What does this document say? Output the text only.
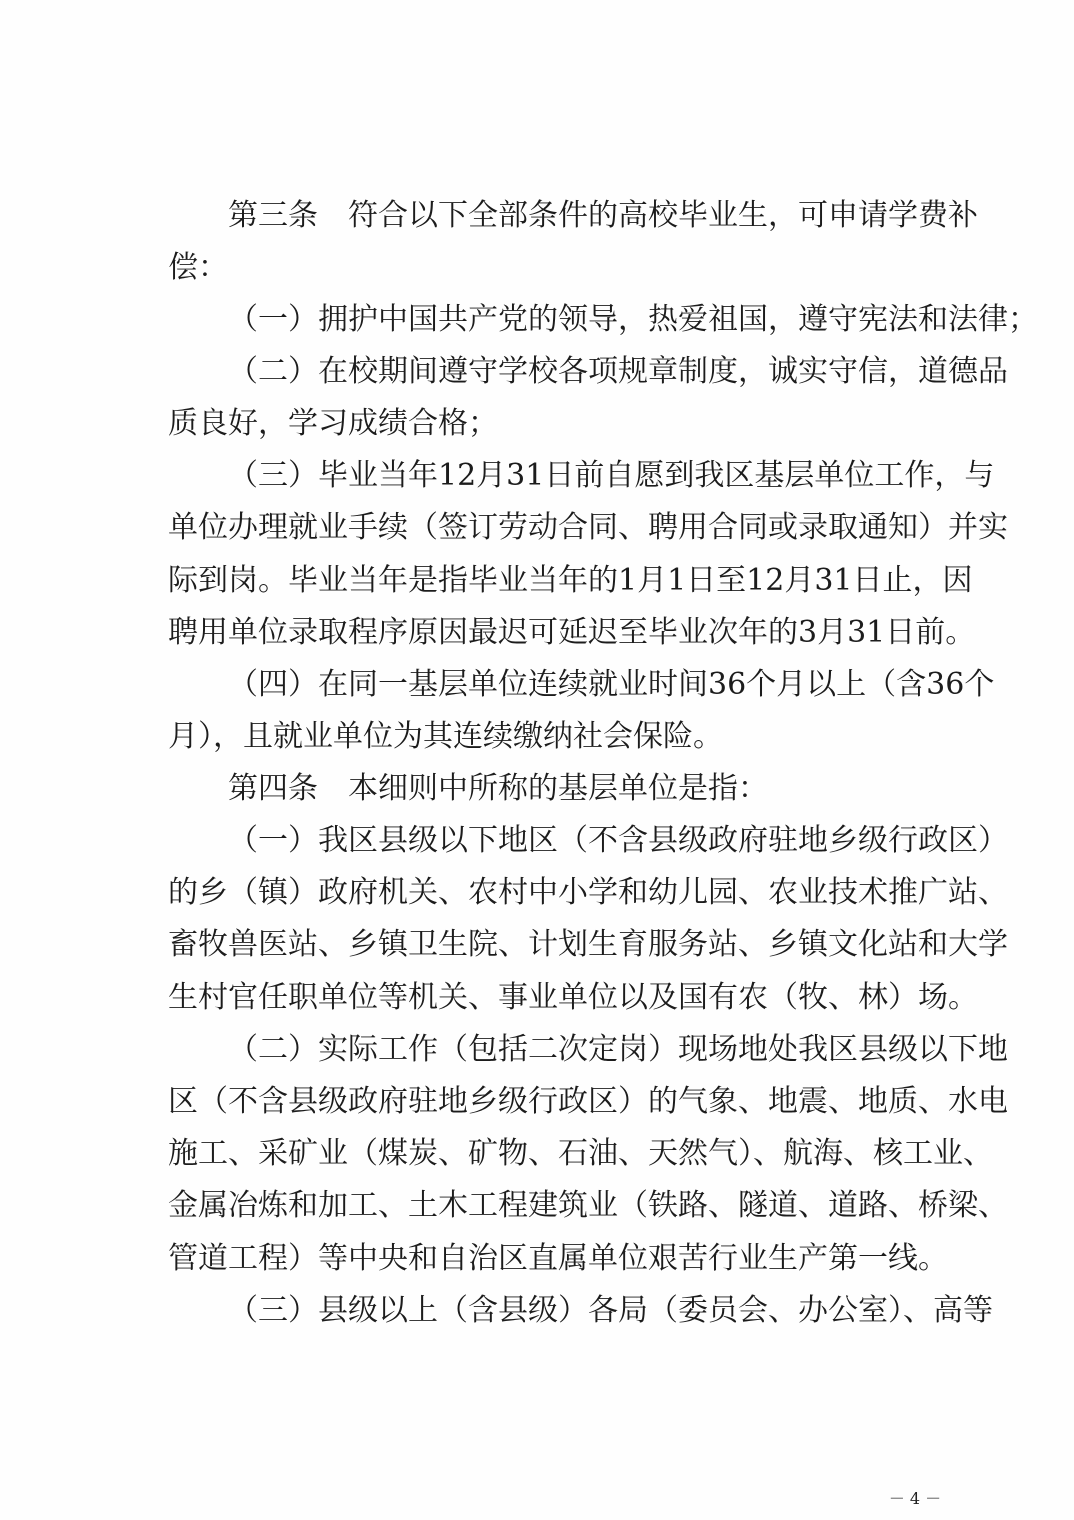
第三条　符合以下全部条件的高校毕业生，可申请学费补
偿：
（一）拥护中国共产党的领导，热爱祖国，遵守宪法和法律；
（二）在校期间遵守学校各项规章制度，诚实守信，道德品
质良好，学习成绩合格；
（三）毕业当年12月31日前自愿到我区基层单位工作，与
单位办理就业手续（签订劳动合同、聘用合同或录取通知）并实
际到岗。毕业当年是指毕业当年的1月1日至12月31日止，因
聘用单位录取程序原因最迟可延迟至毕业次年的3月31日前。
（四）在同一基层单位连续就业时间36个月以上（含36个
月），且就业单位为其连续缴纳社会保险。
第四条　本细则中所称的基层单位是指：
（一）我区县级以下地区（不含县级政府驻地乡级行政区）
的乡（镇）政府机关、农村中小学和幼儿园、农业技术推广站、
畜牧兽医站、乡镇卫生院、计划生育服务站、乡镇文化站和大学
生村官任职单位等机关、事业单位以及国有农（牧、林）场。
（二）实际工作（包括二次定岗）现场地处我区县级以下地
区（不含县级政府驻地乡级行政区）的气象、地震、地质、水电
施工、采矿业（煤炭、矿物、石油、天然气）、航海、核工业、
金属冶炼和加工、土木工程建筑业（铁路、隧道、道路、桥梁、
管道工程）等中央和自治区直属单位艰苦行业生产第一线。
（三）县级以上（含县级）各局（委员会、办公室）、高等
－ 4 －
